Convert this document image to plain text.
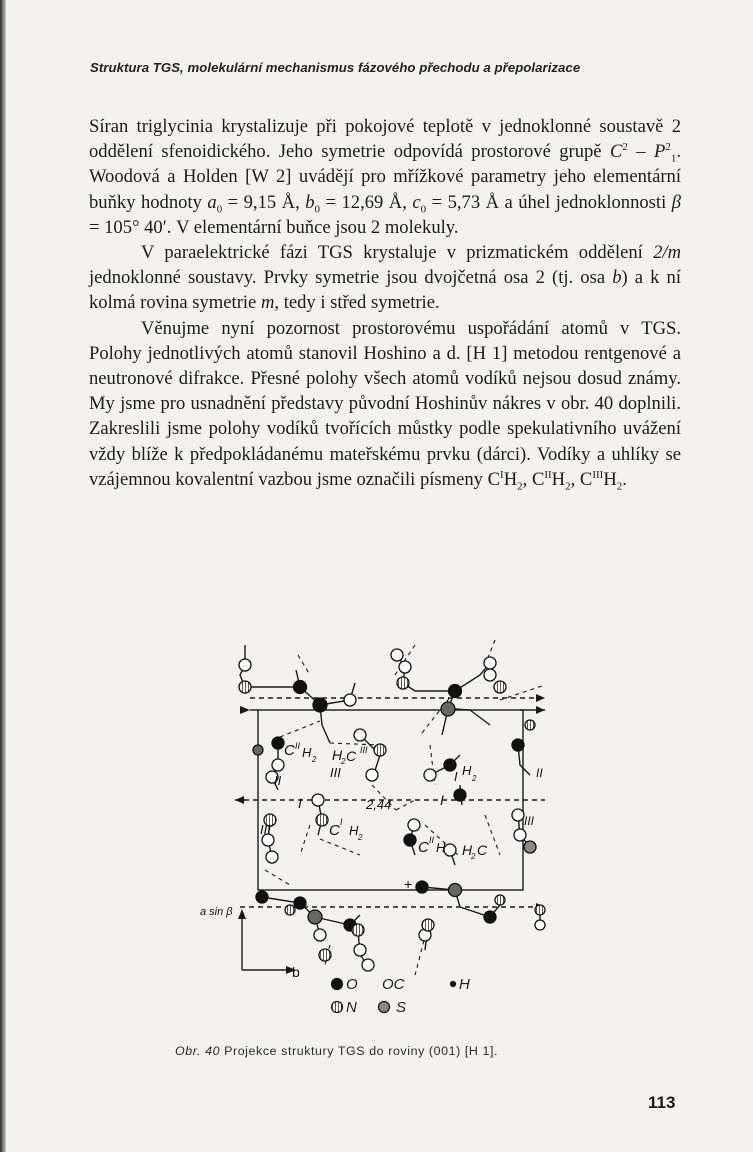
Struktura TGS, molekulární mechanismus fázového přechodu a přepolarizace

Síran triglycinia krystalizuje při pokojové teplotě v jednoklonné soustavě 2 oddělení sfenoidického. Jeho symetrie odpovídá prostorové grupě $C^2 - P^2_1$. Woodová a Holden [W 2] uvádějí pro mřížkové parametry jeho elementární buňky hodnoty $a_0 = 9,15$ Å, $b_0 = 12,69$ Å, $c_0 = 5,73$ Å a úhel jednoklonnosti β = 105° 40′. V elementární buňce jsou 2 molekuly.

V paraelektrické fázi TGS krystaluje v prizmatickém oddělení 2/m jednoklonné soustavy. Prvky symetrie jsou dvojčetná osa 2 (tj. osa b) a k ní kolmá rovina symetrie m, tedy i střed symetrie.

Věnujme nyní pozornost prostorovému uspořádání atomů v TGS. Polohy jednotlivých atomů stanovil Hoshino a d. [H 1] metodou rentgenové a neutronové difrakce. Přesné polohy všech atomů vodíků nejsou dosud známy. My jsme pro usnadnění představy původní Hoshinův nákres v obr. 40 doplnili. Zakreslili jsme polohy vodíků tvořících můstky podle spekulativního uvážení vždy blíže k předpokládanému mateřskému prvku (dárci). Vodíky a uhlíky se vzájemnou kovalentní vazbou jsme označili písmeny $C^IH_2$, $C^{II}H_2$, $C^{III}H_2$.

C II H 2 H
2 C III
I H
2
II
III
III
I	2,44	I
II
III
C I
H 2
C II H H
2 C
+
a sin β
b
O OC	H
N	S
Obr. 40 Projekce struktury TGS do roviny (001) [H 1].
113
